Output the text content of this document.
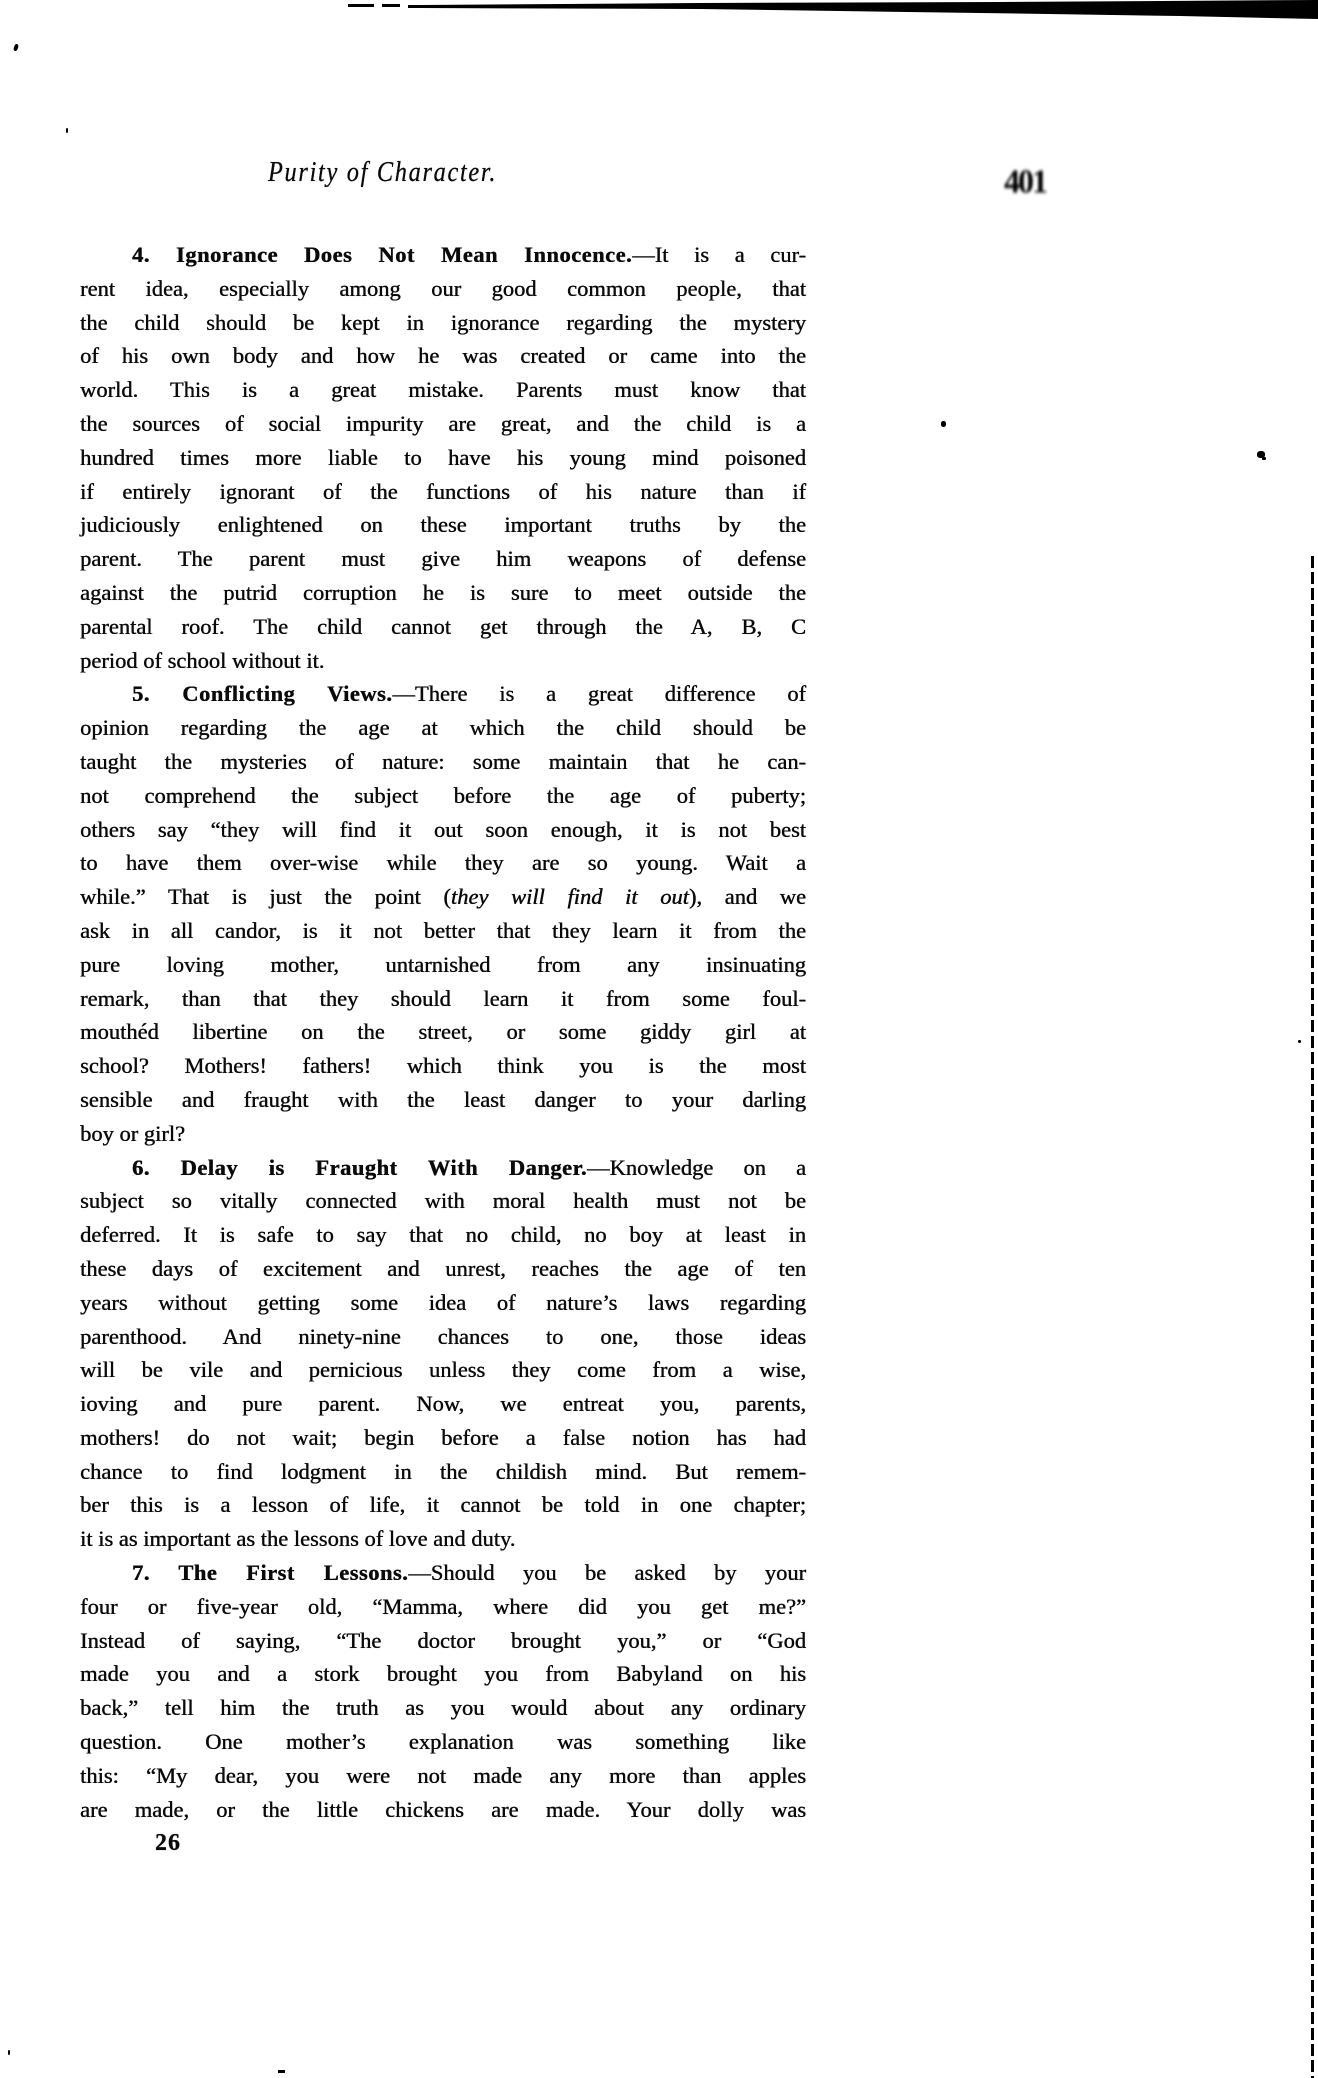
Purity of Character.	401
4. Ignorance Does Not Mean Innocence.—It is a cur-
rent idea, especially among our good common people, that
the child should be kept in ignorance regarding the mystery
of his own body and how he was created or came into the
world. This is a great mistake. Parents must know that
the sources of social impurity are great, and the child is a
hundred times more liable to have his young mind poisoned
if entirely ignorant of the functions of his nature than if
judiciously enlightened on these important truths by the
parent. The parent must give him weapons of defense
against the putrid corruption he is sure to meet outside the
parental roof. The child cannot get through the A, B, C
period of school without it.
5. Conflicting Views.—There is a great difference of
opinion regarding the age at which the child should be
taught the mysteries of nature: some maintain that he can-
not comprehend the subject before the age of puberty;
others say “they will find it out soon enough, it is not best
to have them over-wise while they are so young. Wait a
while.” That is just the point (they will find it out), and we
ask in all candor, is it not better that they learn it from the
pure loving mother, untarnished from any insinuating
remark, than that they should learn it from some foul-
mouthéd libertine on the street, or some giddy girl at
school? Mothers! fathers! which think you is the most
sensible and fraught with the least danger to your darling
boy or girl?
6. Delay is Fraught With Danger.—Knowledge on a
subject so vitally connected with moral health must not be
deferred. It is safe to say that no child, no boy at least in
these days of excitement and unrest, reaches the age of ten
years without getting some idea of nature’s laws regarding
parenthood. And ninety-nine chances to one, those ideas
will be vile and pernicious unless they come from a wise,
ioving and pure parent. Now, we entreat you, parents,
mothers! do not wait; begin before a false notion has had
chance to find lodgment in the childish mind. But remem-
ber this is a lesson of life, it cannot be told in one chapter;
it is as important as the lessons of love and duty.
7. The First Lessons.—Should you be asked by your
four or five-year old, “Mamma, where did you get me?”
Instead of saying, “The doctor brought you,” or “God
made you and a stork brought you from Babyland on his
back,” tell him the truth as you would about any ordinary
question. One mother’s explanation was something like
this: “My dear, you were not made any more than apples
are made, or the little chickens are made. Your dolly was
26
